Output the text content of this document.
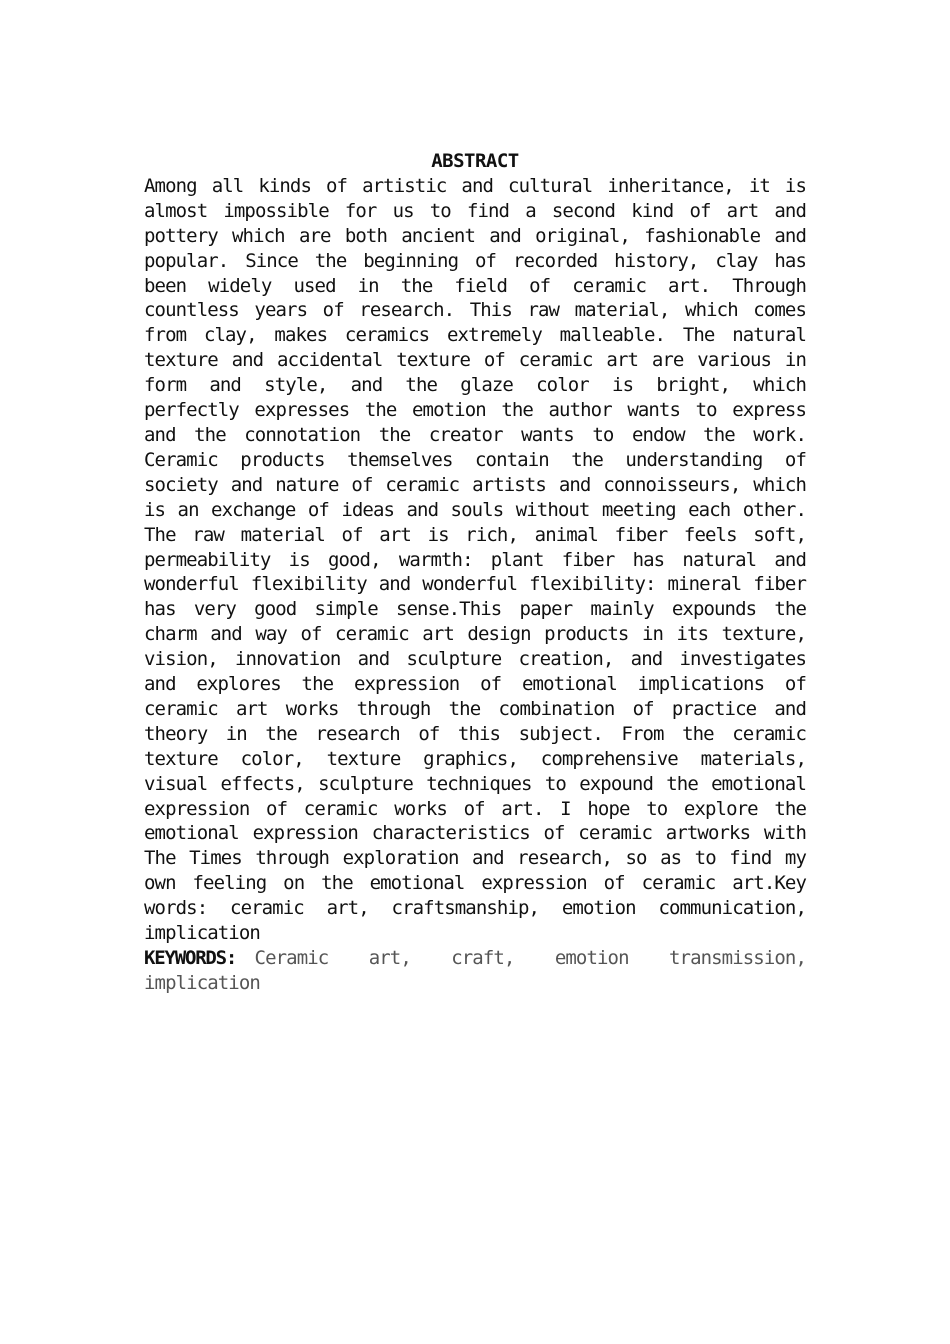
ABSTRACT

Among all kinds of artistic and cultural inheritance, it is almost impossible for us to find a second kind of art and pottery which are both ancient and original, fashionable and popular. Since the beginning of recorded history, clay has been widely used in the field of ceramic art. Through countless years of research. This raw material, which comes from clay, makes ceramics extremely malleable. The natural texture and accidental texture of ceramic art are various in form and style, and the glaze color is bright, which perfectly expresses the emotion the author wants to express and the connotation the creator wants to endow the work. Ceramic products themselves contain the understanding of society and nature of ceramic artists and connoisseurs, which is an exchange of ideas and souls without meeting each other. The raw material of art is rich, animal fiber feels soft, permeability is good, warmth: plant fiber has natural and wonderful flexibility and wonderful flexibility: mineral fiber has very good simple sense.This paper mainly expounds the charm and way of ceramic art design products in its texture, vision, innovation and sculpture creation, and investigates and explores the expression of emotional implications of ceramic art works through the combination of practice and theory in the research of this subject. From the ceramic texture color, texture graphics, comprehensive materials, visual effects, sculpture techniques to expound the emotional expression of ceramic works of art. I hope to explore the emotional expression characteristics of ceramic artworks with The Times through exploration and research, so as to find my own feeling on the emotional expression of ceramic art.Key words: ceramic art, craftsmanship, emotion communication, implication

KEYWORDS: Ceramic art, craft, emotion transmission, implication
